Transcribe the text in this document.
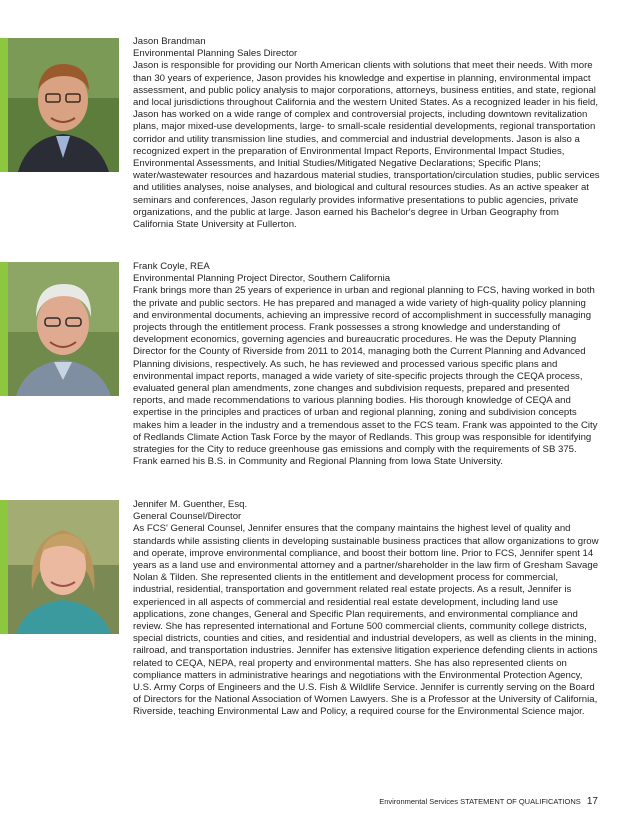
Jason Brandman

Environmental Planning Sales Director

Jason is responsible for providing our North American clients with solutions that meet their needs. With more than 30 years of experience, Jason provides his knowledge and expertise in planning, environmental impact assessment, and public policy analysis to major corporations, attorneys, business entities, and state, regional and local jurisdictions throughout California and the western United States. As a recognized leader in his field, Jason has worked on a wide range of complex and controversial projects, including downtown revitalization plans, major mixed-use developments, large- to small-scale residential developments, regional transportation corridor and utility transmission line studies, and commercial and industrial developments. Jason is also a recognized expert in the preparation of Environmental Impact Reports, Environmental Impact Studies, Environmental Assessments, and Initial Studies/Mitigated Negative Declarations; Specific Plans; water/wastewater resources and hazardous material studies, transportation/circulation studies, public services and utilities analyses, noise analyses, and biological and cultural resources studies. As an active speaker at seminars and conferences, Jason regularly provides informative presentations to public agencies, private organizations, and the public at large. Jason earned his Bachelor's degree in Urban Geography from California State University at Fullerton.

Frank Coyle, REA

Environmental Planning Project Director, Southern California

Frank brings more than 25 years of experience in urban and regional planning to FCS, having worked in both the private and public sectors. He has prepared and managed a wide variety of high-quality policy planning and environmental documents, achieving an impressive record of accomplishment in successfully managing projects through the entitlement process. Frank possesses a strong knowledge and understanding of development economics, governing agencies and bureaucratic procedures. He was the Deputy Planning Director for the County of Riverside from 2011 to 2014, managing both the Current Planning and Advanced Planning divisions, respectively. As such, he has reviewed and processed various specific plans and environmental impact reports, managed a wide variety of site-specific projects through the CEQA process, evaluated general plan amendments, zone changes and subdivision requests, prepared and presented reports, and made recommendations to various planning bodies. His thorough knowledge of CEQA and expertise in the principles and practices of urban and regional planning, zoning and subdivision concepts makes him a leader in the industry and a tremendous asset to the FCS team. Frank was appointed to the City of Redlands Climate Action Task Force by the mayor of Redlands. This group was responsible for identifying strategies for the City to reduce greenhouse gas emissions and comply with the requirements of SB 375. Frank earned his B.S. in Community and Regional Planning from Iowa State University.

Jennifer M. Guenther, Esq.

General Counsel/Director

As FCS' General Counsel, Jennifer ensures that the company maintains the highest level of quality and standards while assisting clients in developing sustainable business practices that allow organizations to grow and operate, improve environmental compliance, and boost their bottom line. Prior to FCS, Jennifer spent 14 years as a land use and environmental attorney and a partner/shareholder in the law firm of Gresham Savage Nolan & Tilden. She represented clients in the entitlement and development process for commercial, industrial, residential, transportation and government related real estate projects. As a result, Jennifer is experienced in all aspects of commercial and residential real estate development, including land use applications, zone changes, General and Specific Plan requirements, and environmental compliance and review. She has represented international and Fortune 500 commercial clients, community college districts, special districts, counties and cities, and residential and industrial developers, as well as clients in the mining, railroad, and transportation industries. Jennifer has extensive litigation experience defending clients in actions related to CEQA, NEPA, real property and environmental matters. She has also represented clients on compliance matters in administrative hearings and negotiations with the Environmental Protection Agency, U.S. Army Corps of Engineers and the U.S. Fish & Wildlife Service. Jennifer is currently serving on the Board of Directors for the National Association of Women Lawyers. She is a Professor at the University of California, Riverside, teaching Environmental Law and Policy, a required course for the Environmental Science major.

Environmental Services STATEMENT OF QUALIFICATIONS 17
